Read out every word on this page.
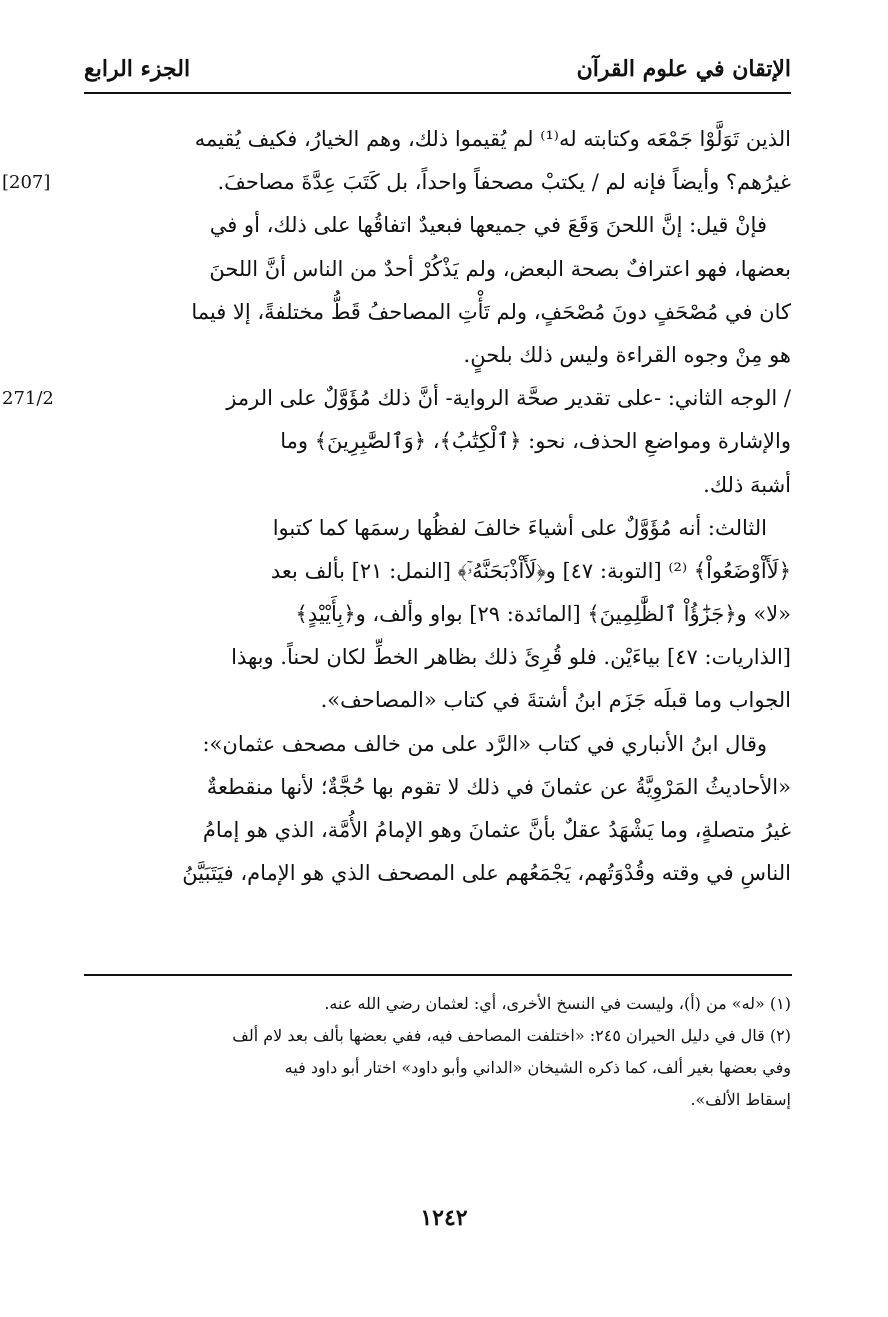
الإتقان في علوم القرآن
الجزء الرابع
الذين تَوَلَّوْا جَمْعَه وكتابته له⁽¹⁾ لم يُقيموا ذلك، وهم الخيارُ، فكيف يُقيمه
غيرُهم؟ وأيضاً فإنه لم / يكتبْ مصحفاً واحداً، بل كَتَبَ عِدَّةَ مصاحفَ.
[207]
فإنْ قيل: إنَّ اللحنَ وَقَعَ في جميعها فبعيدٌ اتفاقُها على ذلك، أو في
بعضها، فهو اعترافٌ بصحة البعض، ولم يَذْكُرْ أحدٌ من الناس أنَّ اللحنَ
كان في مُصْحَفٍ دونَ مُصْحَفٍ، ولم تَأْتِ المصاحفُ قَطُّ مختلفةً، إلا فيما
هو مِنْ وجوه القراءة وليس ذلك بلحنٍ.
/ الوجه الثاني: -على تقدير صحَّة الرواية- أنَّ ذلك مُؤَوَّلٌ على الرمز
271/2
والإشارة ومواضعِ الحذف، نحو: ﴿ٱلْكِتَٰبُ﴾، ﴿وَٱلصَّٰبِرِينَ﴾ وما
أشبهَ ذلك.
الثالث: أنه مُؤَوَّلٌ على أشياءَ خالفَ لفظُها رسمَها كما كتبوا
﴿لَأَاْوْضَعُواْ﴾ ⁽²⁾ [التوبة: ٤٧] و﴿لَأَاْذْبَحَنَّهُۥٓ﴾ [النمل: ٢١] بألف بعد
«لا» و﴿جَزَٰٓؤُاْ ٱلظَّٰلِمِينَ﴾ [المائدة: ٢٩] بواو وألف، و﴿بِأَيْيْدٍ﴾
[الذاريات: ٤٧] بياءَيْن. فلو قُرِئَ ذلك بظاهر الخطِّ لكان لحناً. وبهذا
الجواب وما قبلَه جَزَم ابنُ أشتةَ في كتاب «المصاحف».
وقال ابنُ الأنباري في كتاب «الرَّد على من خالف مصحف عثمان»:
«الأحاديثُ المَرْوِيَّةُ عن عثمانَ في ذلك لا تقوم بها حُجَّةٌ؛ لأنها منقطعةٌ
غيرُ متصلةٍ، وما يَشْهَدُ عقلٌ بأنَّ عثمانَ وهو الإمامُ الأُمَّة، الذي هو إمامُ
الناسِ في وقته وقُدْوَتُهم، يَجْمَعُهم على المصحف الذي هو الإمام، فيَتَبَيَّنُ
(١) «له» من (أ)، وليست في النسخ الأخرى، أي: لعثمان رضي الله عنه.
(٢) قال في دليل الحيران ٢٤٥: «اختلفت المصاحف فيه، ففي بعضها بألف بعد لام ألف
وفي بعضها بغير ألف، كما ذكره الشيخان «الداني وأبو داود» اختار أبو داود فيه
إسقاط الألف».
١٢٤٢
